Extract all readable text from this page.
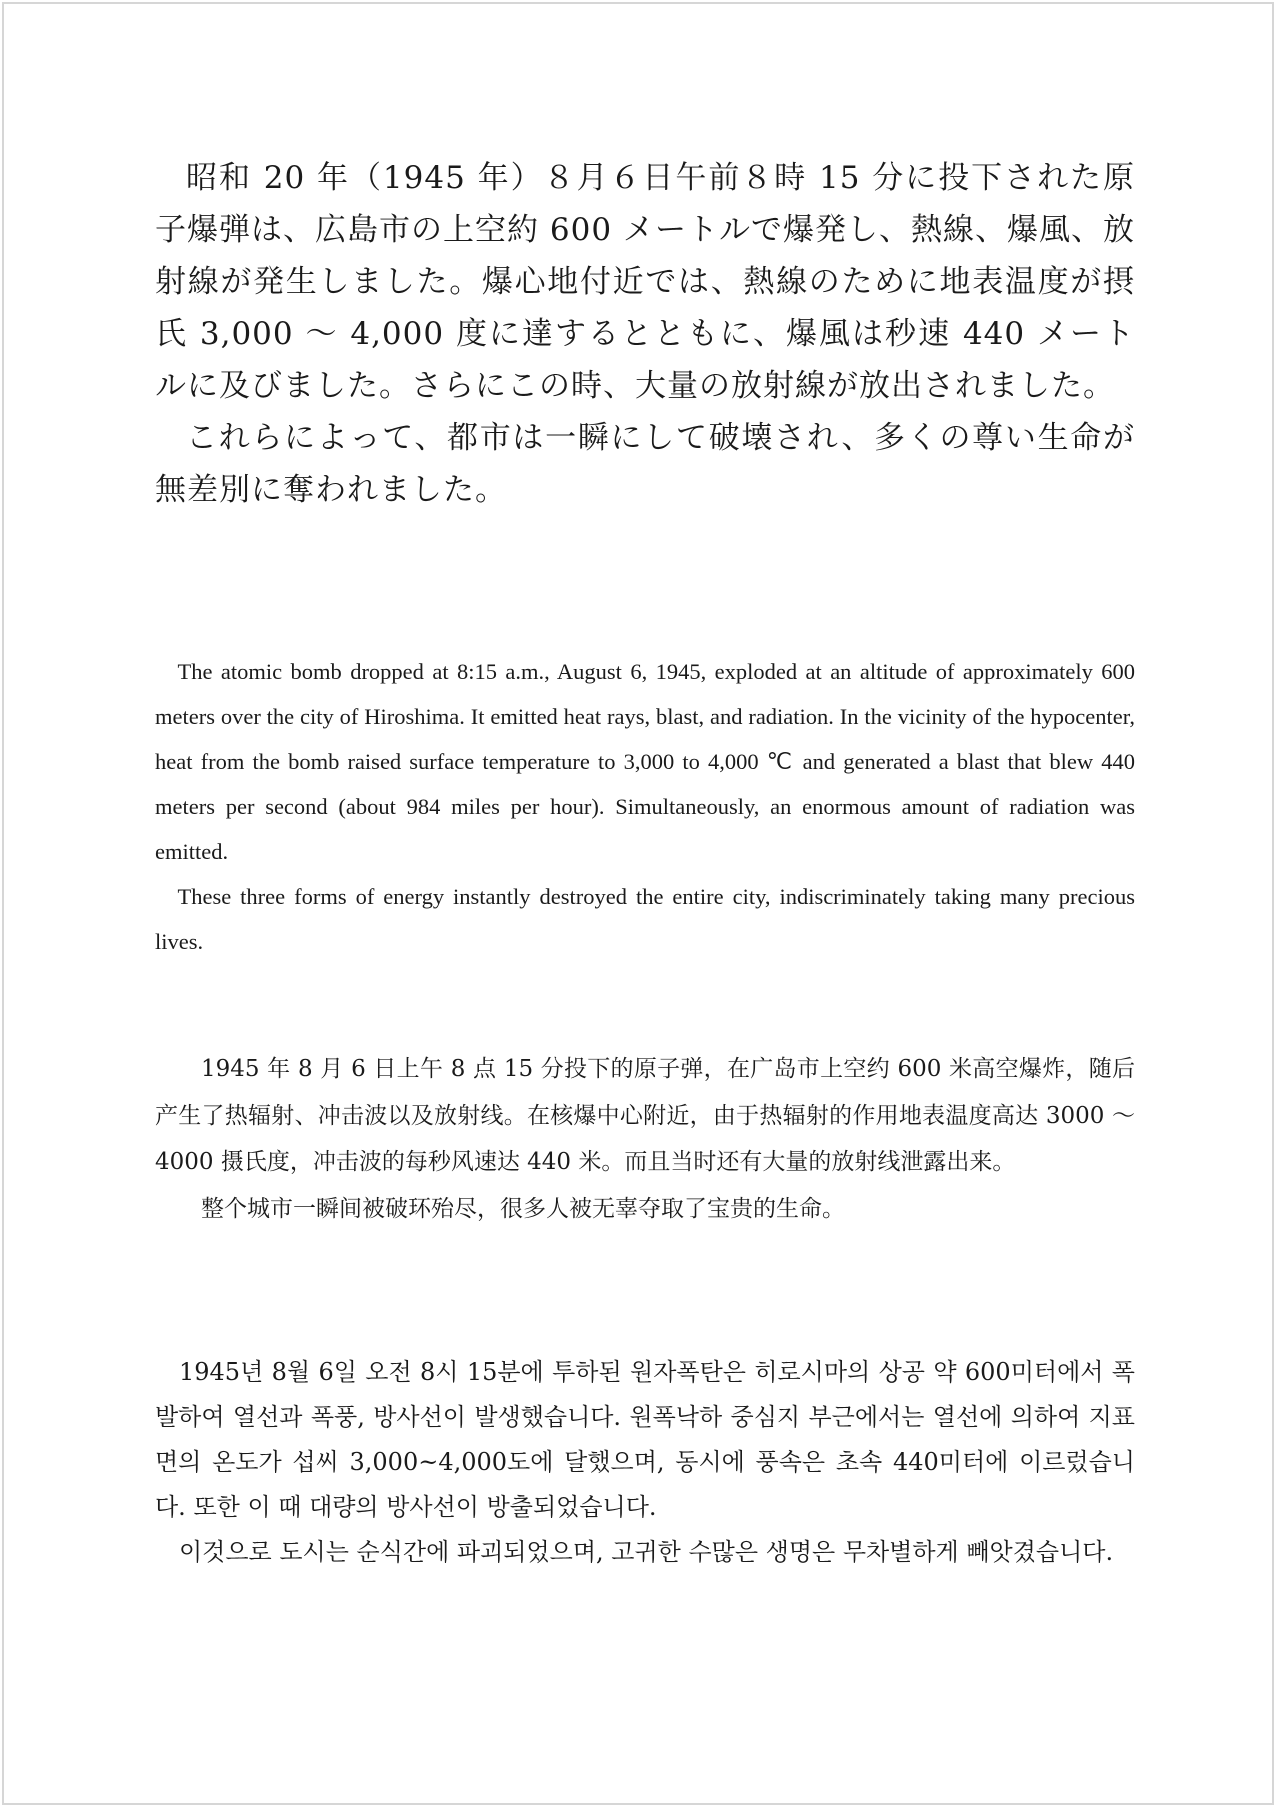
昭和 20 年（1945 年）８月６日午前８時 15 分に投下された原子爆弾は、広島市の上空約 600 メートルで爆発し、熱線、爆風、放射線が発生しました。爆心地付近では、熱線のために地表温度が摂氏 3,000 ～ 4,000 度に達するとともに、爆風は秒速 440 メートルに及びました。さらにこの時、大量の放射線が放出されました。

これらによって、都市は一瞬にして破壊され、多くの尊い生命が無差別に奪われました。

The atomic bomb dropped at 8:15 a.m., August 6, 1945, exploded at an altitude of approximately 600 meters over the city of Hiroshima. It emitted heat rays, blast, and radiation. In the vicinity of the hypocenter, heat from the bomb raised surface temperature to 3,000 to 4,000 ℃ and generated a blast that blew 440 meters per second (about 984 miles per hour). Simultaneously, an enormous amount of radiation was emitted.

These three forms of energy instantly destroyed the entire city, indiscriminately taking many precious lives.

1945 年 8 月 6 日上午 8 点 15 分投下的原子弹，在广岛市上空约 600 米高空爆炸，随后产生了热辐射、冲击波以及放射线。在核爆中心附近，由于热辐射的作用地表温度高达 3000 ～ 4000 摄氏度，冲击波的每秒风速达 440 米。而且当时还有大量的放射线泄露出来。

整个城市一瞬间被破环殆尽，很多人被无辜夺取了宝贵的生命。

1945년 8월 6일 오전 8시 15분에 투하된 원자폭탄은 히로시마의 상공 약 600미터에서 폭발하여 열선과 폭풍, 방사선이 발생했습니다. 원폭낙하 중심지 부근에서는 열선에 의하여 지표면의 온도가 섭씨 3,000~4,000도에 달했으며, 동시에 풍속은 초속 440미터에 이르렀습니다. 또한 이 때 대량의 방사선이 방출되었습니다.

이것으로 도시는 순식간에 파괴되었으며, 고귀한 수많은 생명은 무차별하게 빼앗겼습니다.
